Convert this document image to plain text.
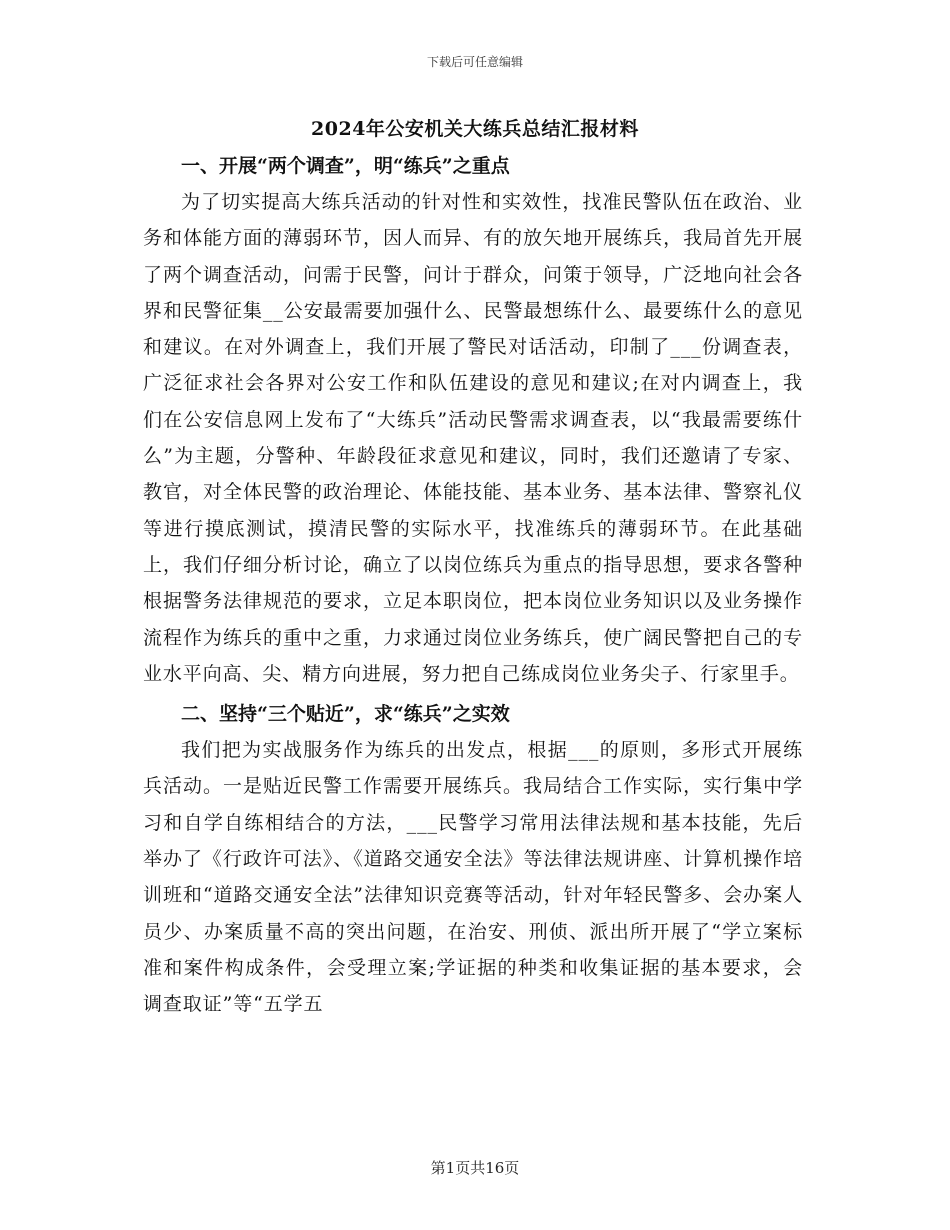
下载后可任意编辑
2024年公安机关大练兵总结汇报材料

一、开展“两个调查”，明“练兵”之重点

为了切实提高大练兵活动的针对性和实效性，找准民警队伍在政治、业务和体能方面的薄弱环节，因人而异、有的放矢地开展练兵，我局首先开展了两个调查活动，问需于民警，问计于群众，问策于领导，广泛地向社会各界和民警征集__公安最需要加强什么、民警最想练什么、最要练什么的意见和建议。在对外调查上，我们开展了警民对话活动，印制了___份调查表，广泛征求社会各界对公安工作和队伍建设的意见和建议;在对内调查上，我们在公安信息网上发布了“大练兵”活动民警需求调查表，以“我最需要练什么”为主题，分警种、年龄段征求意见和建议，同时，我们还邀请了专家、教官，对全体民警的政治理论、体能技能、基本业务、基本法律、警察礼仪等进行摸底测试，摸清民警的实际水平，找准练兵的薄弱环节。在此基础上，我们仔细分析讨论，确立了以岗位练兵为重点的指导思想，要求各警种根据警务法律规范的要求，立足本职岗位，把本岗位业务知识以及业务操作流程作为练兵的重中之重，力求通过岗位业务练兵，使广阔民警把自己的专业水平向高、尖、精方向进展，努力把自己练成岗位业务尖子、行家里手。

二、坚持“三个贴近”，求“练兵”之实效

我们把为实战服务作为练兵的出发点，根据___的原则，多形式开展练兵活动。一是贴近民警工作需要开展练兵。我局结合工作实际，实行集中学习和自学自练相结合的方法，___民警学习常用法律法规和基本技能，先后举办了《行政许可法》、《道路交通安全法》等法律法规讲座、计算机操作培训班和“道路交通安全法”法律知识竞赛等活动，针对年轻民警多、会办案人员少、办案质量不高的突出问题，在治安、刑侦、派出所开展了“学立案标准和案件构成条件，会受理立案;学证据的种类和收集证据的基本要求，会调查取证”等“五学五

第1页共16页
